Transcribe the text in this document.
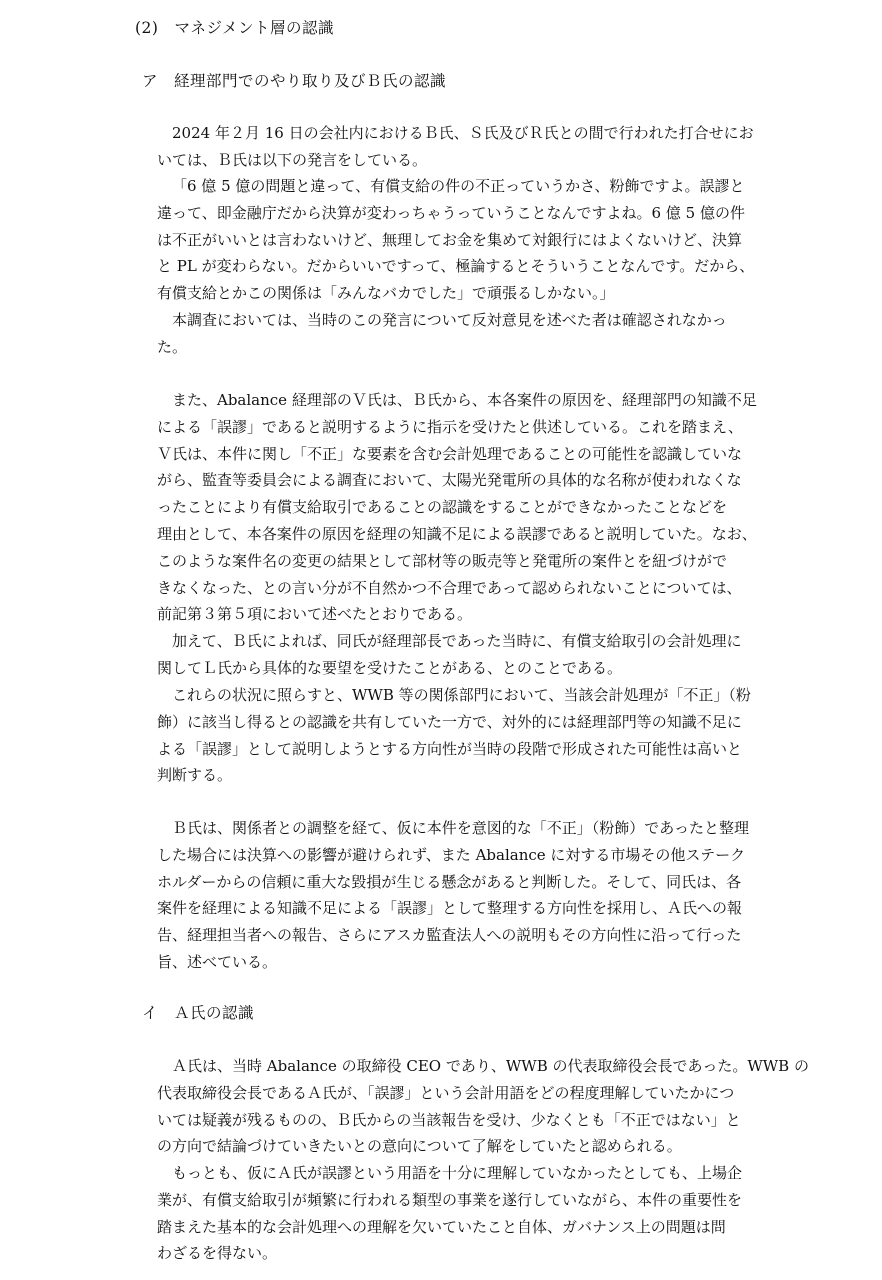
(2)　マネジメント層の認識
ア　経理部門でのやり取り及びＢ氏の認識

2024 年２月 16 日の会社内におけるＢ氏、Ｓ氏及びＲ氏との間で行われた打合せにお
いては、Ｂ氏は以下の発言をしている。

「6 億 5 億の問題と違って、有償支給の件の不正っていうかさ、粉飾ですよ。誤謬と
違って、即金融庁だから決算が変わっちゃうっていうことなんですよね。6 億 5 億の件
は不正がいいとは言わないけど、無理してお金を集めて対銀行にはよくないけど、決算
と PL が変わらない。だからいいですって、極論するとそういうことなんです。だから、
有償支給とかこの関係は「みんなバカでした」で頑張るしかない。」

本調査においては、当時のこの発言について反対意見を述べた者は確認されなかっ
た。

また、Abalance 経理部のＶ氏は、Ｂ氏から、本各案件の原因を、経理部門の知識不足
による「誤謬」であると説明するように指示を受けたと供述している。これを踏まえ、
Ｖ氏は、本件に関し「不正」な要素を含む会計処理であることの可能性を認識していな
がら、監査等委員会による調査において、太陽光発電所の具体的な名称が使われなくな
ったことにより有償支給取引であることの認識をすることができなかったことなどを
理由として、本各案件の原因を経理の知識不足による誤謬であると説明していた。なお、
このような案件名の変更の結果として部材等の販売等と発電所の案件とを紐づけがで
きなくなった、との言い分が不自然かつ不合理であって認められないことについては、
前記第３第５項において述べたとおりである。

加えて、Ｂ氏によれば、同氏が経理部長であった当時に、有償支給取引の会計処理に
関してＬ氏から具体的な要望を受けたことがある、とのことである。

これらの状況に照らすと、WWB 等の関係部門において、当該会計処理が「不正」（粉
飾）に該当し得るとの認識を共有していた一方で、対外的には経理部門等の知識不足に
よる「誤謬」として説明しようとする方向性が当時の段階で形成された可能性は高いと
判断する。

Ｂ氏は、関係者との調整を経て、仮に本件を意図的な「不正」（粉飾）であったと整理
した場合には決算への影響が避けられず、また Abalance に対する市場その他ステーク
ホルダーからの信頼に重大な毀損が生じる懸念があると判断した。そして、同氏は、各
案件を経理による知識不足による「誤謬」として整理する方向性を採用し、Ａ氏への報
告、経理担当者への報告、さらにアスカ監査法人への説明もその方向性に沿って行った
旨、述べている。

イ　Ａ氏の認識

Ａ氏は、当時 Abalance の取締役 CEO であり、WWB の代表取締役会長であった。WWB の
代表取締役会長であるＡ氏が、「誤謬」という会計用語をどの程度理解していたかにつ
いては疑義が残るものの、Ｂ氏からの当該報告を受け、少なくとも「不正ではない」と
の方向で結論づけていきたいとの意向について了解をしていたと認められる。

もっとも、仮にＡ氏が誤謬という用語を十分に理解していなかったとしても、上場企
業が、有償支給取引が頻繁に行われる類型の事業を遂行していながら、本件の重要性を
踏まえた基本的な会計処理への理解を欠いていたこと自体、ガバナンス上の問題は問
わざるを得ない。
